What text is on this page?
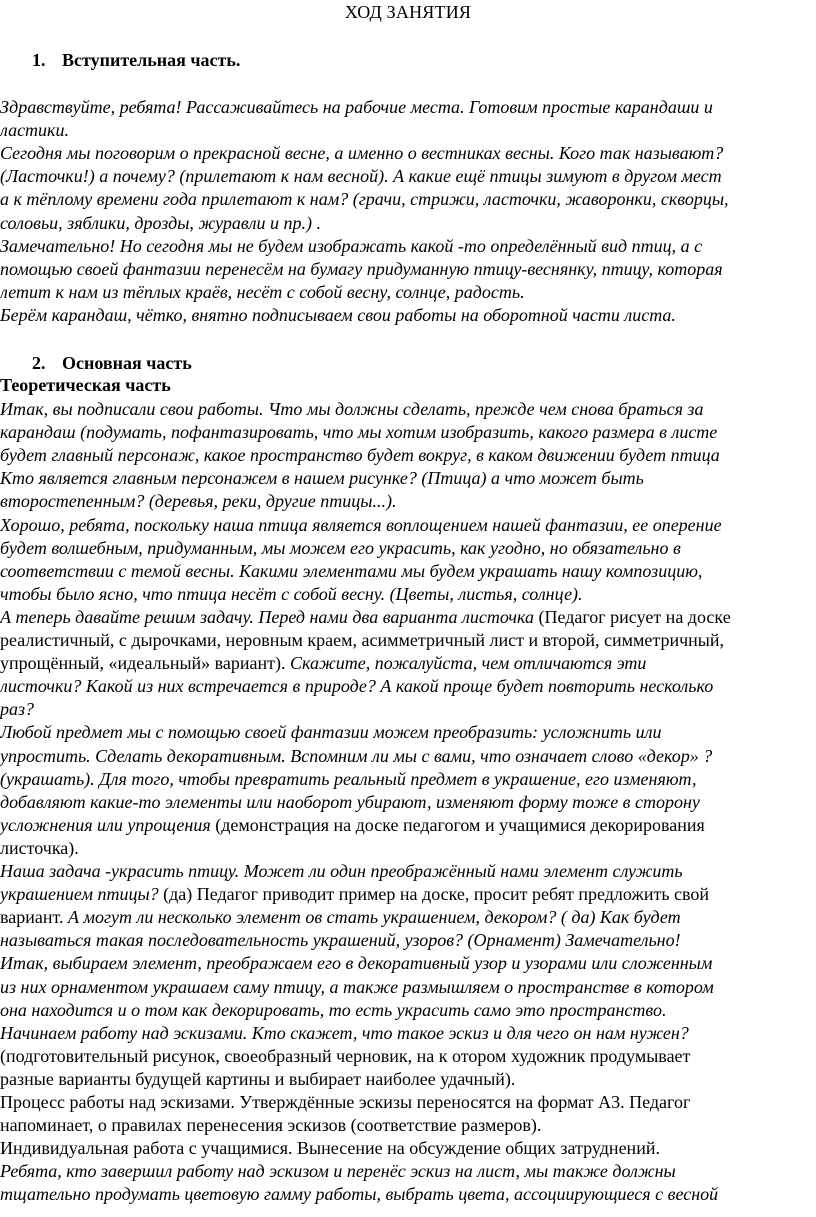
ХОД ЗАНЯТИЯ
1. Вступительная часть.
2. Основная часть
Теоретическая часть
Здравствуйте, ребята! Рассаживайтесь на рабочие места. Готовим простые карандаши и
ластики.
Сегодня мы поговорим о прекрасной весне, а именно о вестниках весны. Кого так называют?
(Ласточки!) а почему? (прилетают к нам весной). А какие ещё птицы зимуют в другом мест
а к тёплому времени года прилетают к нам? (грачи, стрижи, ласточки, жаворонки, скворцы,
соловьи, зяблики, дрозды, журавли и пр.) .
Замечательно! Но сегодня мы не будем изображать какой -то определённый вид птиц, а с
помощью своей фантазии перенесём на бумагу придуманную птицу-веснянку, птицу, которая
летит к нам из тёплых краёв, несёт с собой весну, солнце, радость.
Берём карандаш, чётко, внятно подписываем свои работы на оборотной части листа.
Итак, вы подписали свои работы. Что мы должны сделать, прежде чем снова браться за
карандаш (подумать, пофантазировать, что мы хотим изобразить, какого размера в листе
будет главный персонаж, какое пространство будет вокруг, в каком движении будет птица
Кто является главным персонажем в нашем рисунке? (Птица) а что может быть
второстепенным? (деревья, реки, другие птицы...).
Хорошо, ребята, поскольку наша птица является воплощением нашей фантазии, ее оперение
будет волшебным, придуманным, мы можем его украсить, как угодно, но обязательно в
соответствии с темой весны. Какими элементами мы будем украшать нашу композицию,
чтобы было ясно, что птица несёт с собой весну. (Цветы, листья, солнце).
А теперь давайте решим задачу. Перед нами два варианта листочка (Педагог рисует на доске
реалистичный, с дырочками, неровным краем, асимметричный лист и второй, симметричный,
упрощённый, «идеальный» вариант). Скажите, пожалуйста, чем отличаются эти
листочки? Какой из них встречается в природе? А какой проще будет повторить несколько
раз?
Любой предмет мы с помощью своей фантазии можем преобразить: усложнить или
упростить. Сделать декоративным. Вспомним ли мы с вами, что означает слово «декор» ?
(украшать). Для того, чтобы превратить реальный предмет в украшение, его изменяют,
добавляют какие-то элементы или наоборот убирают, изменяют форму тоже в сторону
усложнения или упрощения (демонстрация на доске педагогом и учащимися декорирования
листочка).
Наша задача -украсить птицу. Может ли один преображённый нами элемент служить
украшением птицы? (да) Педагог приводит пример на доске, просит ребят предложить свой
вариант. А могут ли несколько элемент ов стать украшением, декором? ( да) Как будет
называться такая последовательность украшений, узоров? (Орнамент) Замечательно!
Итак, выбираем элемент, преображаем его в декоративный узор и узорами или сложенным
из них орнаментом украшаем саму птицу, а также размышляем о пространстве в котором
она находится и о том как декорировать, то есть украсить само это пространство.
Начинаем работу над эскизами. Кто скажет, что такое эскиз и для чего он нам нужен?
(подготовительный рисунок, своеобразный черновик, на к отором художник продумывает
разные варианты будущей картины и выбирает наиболее удачный).
Процесс работы над эскизами. Утверждённые эскизы переносятся на формат А3. Педагог
напоминает, о правилах перенесения эскизов (соответствие размеров).
Индивидуальная работа с учащимися. Вынесение на обсуждение общих затруднений.
Ребята, кто завершил работу над эскизом и перенёс эскиз на лист, мы также должны
тщательно продумать цветовую гамму работы, выбрать цвета, ассоциирующиеся с весной
